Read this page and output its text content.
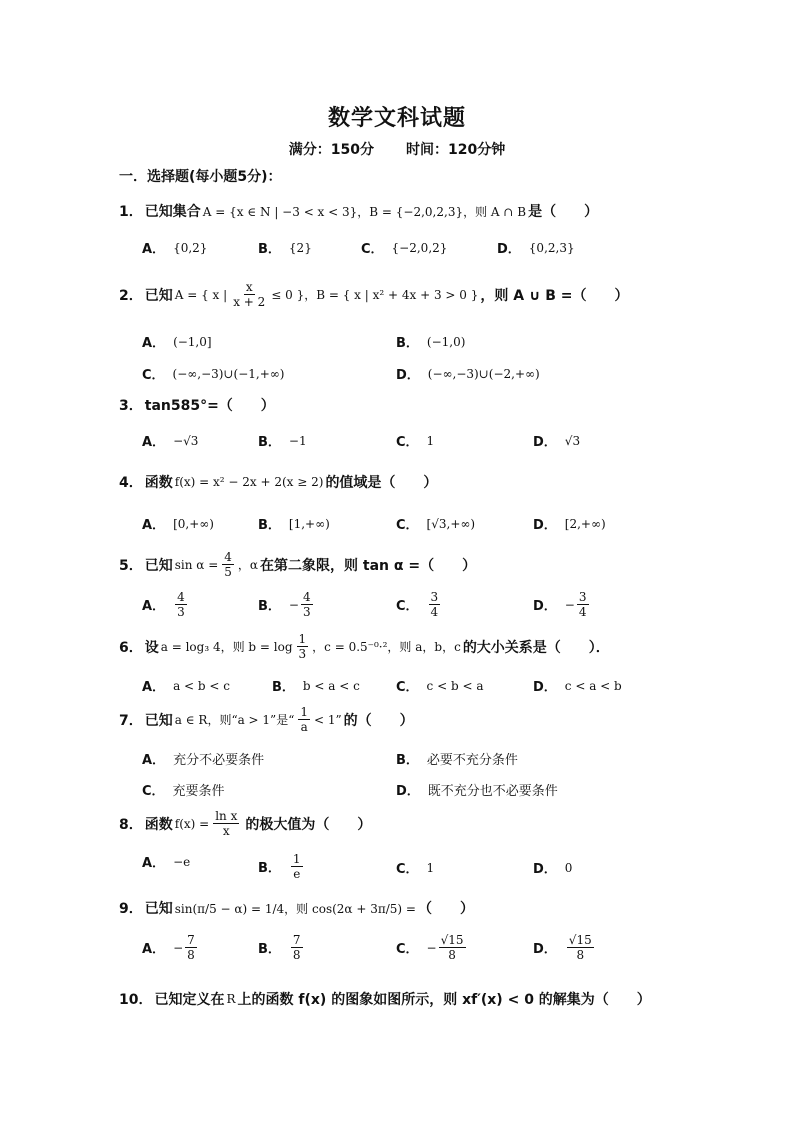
数学文科试题
满分：150分 时间：120分钟
一．选择题(每小题5分)：
1． 已知集合 A = {x ∈ N | −3 < x < 3}，B = {−2,0,2,3}，则 A ∩ B 是（　　）
A． {0,2}	B． {2}	C． {−2,0,2}	D． {0,2,3}
2． 已知 A = { x | $\frac{x}{x + 2} \le 0$ }，B = { x | x² + 4x + 3 > 0 } ，则 A ∪ B =（　　）
A． (−1,0]	B． (−1,0)
C． (−∞,−3)∪(−1,+∞)	D． (−∞,−3)∪(−2,+∞)
3． tan585°=（　　）
A． −√3	B． −1	C． 1	D． √3
4． 函数 f(x) = x² − 2x + 2(x ≥ 2) 的值域是（　　）
A． [0,+∞)	B． [1,+∞)	C． [√3,+∞)	D． [2,+∞)
5． 已知 $\sin \alpha = \frac{4}{5}$ ，α 在第二象限，则 tan α =（　　）
A． $\frac{4}{3}$	B． − $\frac{4}{3}$	C． $\frac{3}{4}$	D． − $\frac{3}{4}$
6． 设 a = log₃ 4，则 $b = \log \frac{1}{3}$ ，c = 0.5⁻⁰·²，则 a，b，c 的大小关系是（　　）．
A． a < b < c	B． b < a < c	C． c < b < a	D． c < a < b
7． 已知 a ∈ R，则“a > 1”是“ $\frac{1}{a} < 1$” 的（　　）
A． 充分不必要条件	B． 必要不充分条件
C． 充要条件	D． 既不充分也不必要条件
8． 函数 $f(x) = \frac{\text{ln x}}{x}$ 的极大值为（　　）
A． −e	B． $\frac{1}{e}$	C． 1	D． 0
9． 已知 sin(π/5 − α) = 1/4，则 cos(2α + 3π/5) = （　　）
A． − $\frac{7}{8}$	B． $\frac{7}{8}$	C． − $\frac{√15}{8}$	D． $\frac{√15}{8}$
10． 已知定义在 R 上的函数 f(x) 的图象如图所示，则 xf′(x) < 0 的解集为（　　）
